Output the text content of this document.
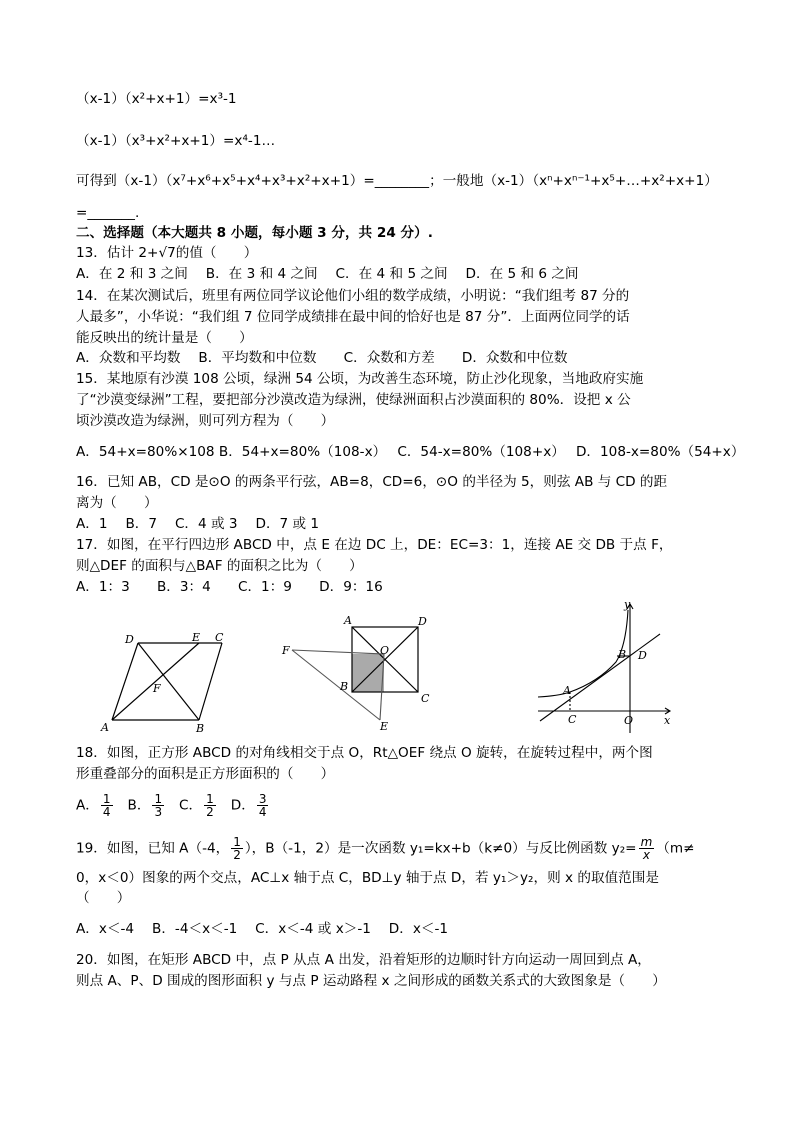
（x-1）（x²+x+1）=x³-1
（x-1）（x³+x²+x+1）=x⁴-1…
可得到（x-1）（x⁷+x⁶+x⁵+x⁴+x³+x²+x+1）=________；一般地（x-1）（xⁿ+xⁿ⁻¹+x⁵+…+x²+x+1）
=_______.
二、选择题（本大题共 8 小题，每小题 3 分，共 24 分）.
13．估计 2+√7的值（　　）
A．在 2 和 3 之间　 B．在 3 和 4 之间　 C．在 4 和 5 之间　 D．在 5 和 6 之间
14．在某次测试后，班里有两位同学议论他们小组的数学成绩，小明说：“我们组考 87 分的
人最多”，小华说：“我们组 7 位同学成绩排在最中间的恰好也是 87 分”．上面两位同学的话
能反映出的统计量是（　　）
A．众数和平均数　 B．平均数和中位数　　C．众数和方差　　D．众数和中位数
15．某地原有沙漠 108 公顷，绿洲 54 公顷，为改善生态环境，防止沙化现象，当地政府实施
了“沙漠变绿洲”工程，要把部分沙漠改造为绿洲，使绿洲面积占沙漠面积的 80%．设把 x 公
顷沙漠改造为绿洲，则可列方程为（　　）
A．54+x=80%×108 B．54+x=80%（108-x）　 C．54-x=80%（108+x）　 D．108-x=80%（54+x）
16．已知 AB，CD 是⊙O 的两条平行弦，AB=8，CD=6，⊙O 的半径为 5，则弦 AB 与 CD 的距
离为（　　）
A．1　 B．7　 C．4 或 3　 D．7 或 1
17．如图，在平行四边形 ABCD 中，点 E 在边 DC 上，DE：EC=3：1，连接 AE 交 DB 于点 F，
则△DEF 的面积与△BAF 的面积之比为（　　）
A．1：3　　B．3：4　　C．1：9　　D．9：16
D	E C
F
A	B
A	D
O
F
B
C
E
y
B D
A
C	O	x
18．如图，正方形 ABCD 的对角线相交于点 O，Rt△OEF 绕点 O 旋转，在旋转过程中，两个图
形重叠部分的面积是正方形面积的（　　）
A． $\frac{1}{4}$ B． $\frac{1}{3}$ C． $\frac{1}{2}$ D． $\frac{3}{4}$
19．如图，已知 A（-4， $\frac{1}{2}$ ），B（-1，2）是一次函数 y₁=kx+b（k≠0）与反比例函数 $y_2= \frac{m}{x} (m\ne$
0，x＜0）图象的两个交点，AC⊥x 轴于点 C，BD⊥y 轴于点 D，若 y₁＞y₂，则 x 的取值范围是
（　　）
A．x＜-4　 B．-4＜x＜-1　 C．x＜-4 或 x＞-1　 D．x＜-1
20．如图，在矩形 ABCD 中，点 P 从点 A 出发，沿着矩形的边顺时针方向运动一周回到点 A，
则点 A、P、D 围成的图形面积 y 与点 P 运动路程 x 之间形成的函数关系式的大致图象是（　　）
